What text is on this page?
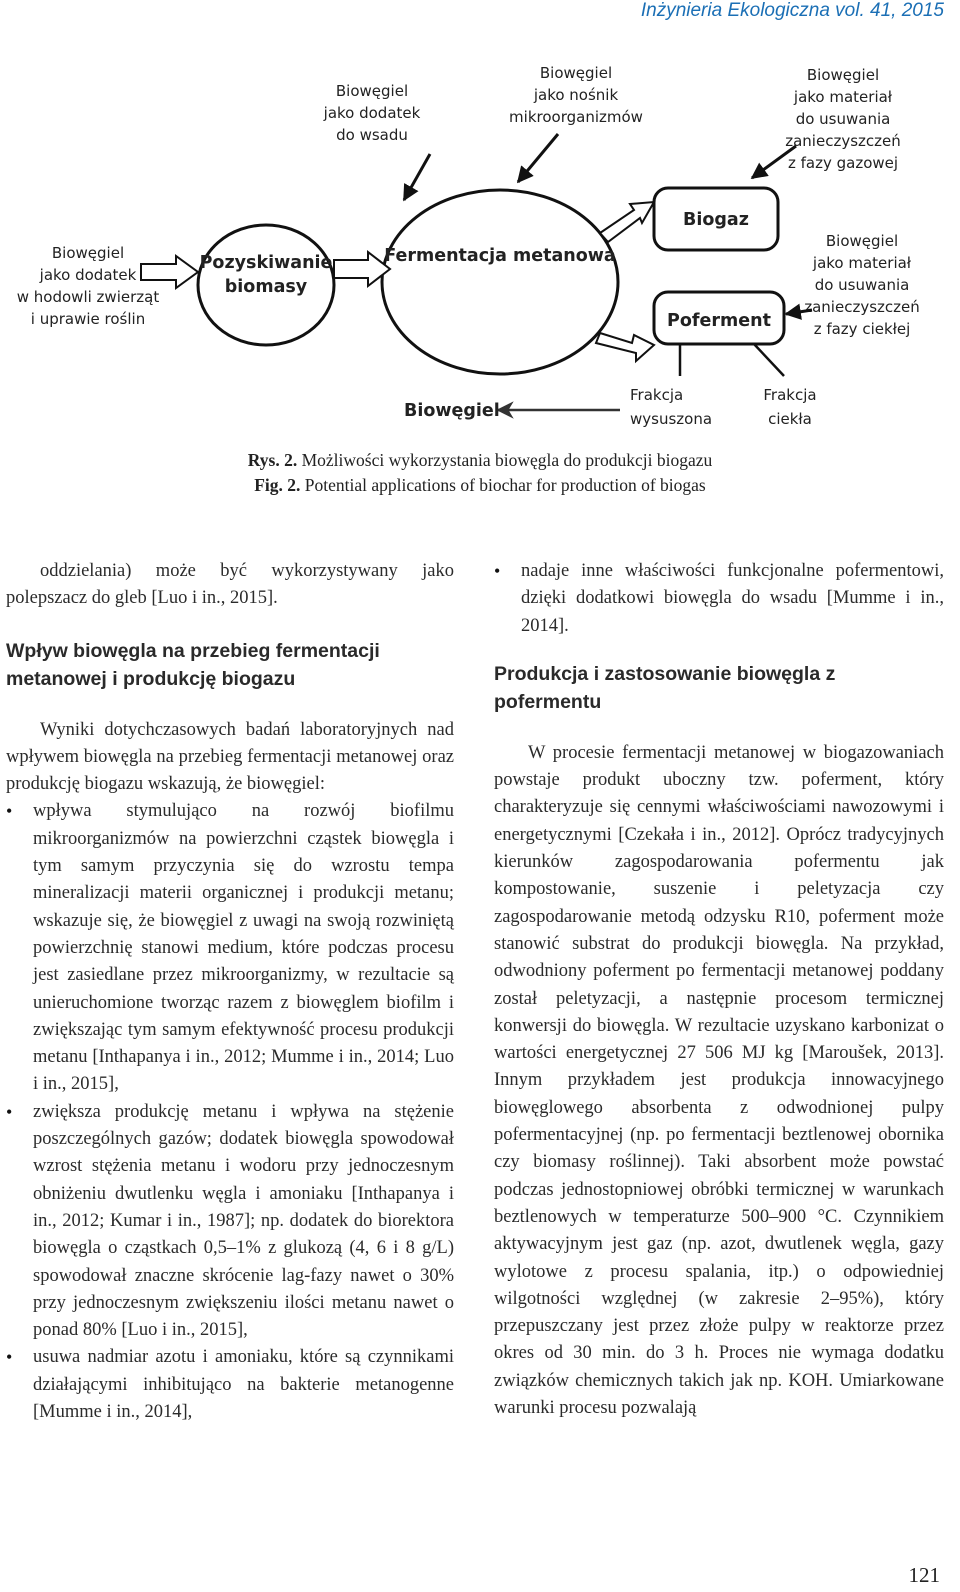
Inżynieria Ekologiczna vol. 41, 2015
Biowęgiel
jako dodatek
do wsadu
Biowęgiel
jako nośnik
mikroorganizmów
Biowęgiel
jako materiał
do usuwania
zanieczyszczeń
z fazy gazowej
Biowęgiel
jako dodatek
w hodowli zwierząt
i uprawie roślin
Biowęgiel
jako materiał
do usuwania
zanieczyszczeń
z fazy ciekłej
Pozyskiwanie
biomasy
Fermentacja metanowa
Biogaz
Poferment
Frakcja
wysuszona
Frakcja
ciekła
Biowęgiel
Rys. 2. Możliwości wykorzystania biowęgla do produkcji biogazu
Fig. 2. Potential applications of biochar for production of biogas

oddzielania) może być wykorzystywany jako polepszacz do gleb [Luo i in., 2015].

Wpływ biowęgla na przebieg fermentacji metanowej i produkcję biogazu

Wyniki dotychczasowych badań laboratoryjnych nad wpływem biowęgla na przebieg fermentacji metanowej oraz produkcję biogazu wskazują, że biowęgiel:

• wpływa stymulująco na rozwój biofilmu mikroorganizmów na powierzchni cząstek biowęgla i tym samym przyczynia się do wzrostu tempa mineralizacji materii organicznej i produkcji metanu; wskazuje się, że biowęgiel z uwagi na swoją rozwiniętą powierzchnię stanowi medium, które podczas procesu jest zasiedlane przez mikroorganizmy, w rezultacie są unieruchomione tworząc razem z biowęglem biofilm i zwiększając tym samym efektywność procesu produkcji metanu [Inthapanya i in., 2012; Mumme i in., 2014; Luo i in., 2015],

• zwiększa produkcję metanu i wpływa na stężenie poszczególnych gazów; dodatek biowęgla spowodował wzrost stężenia metanu i wodoru przy jednoczesnym obniżeniu dwutlenku węgla i amoniaku [Inthapanya i in., 2012; Kumar i in., 1987]; np. dodatek do biorektora biowęgla o cząstkach 0,5–1% z glukozą (4, 6 i 8 g/L) spowodował znaczne skrócenie lag-fazy nawet o 30% przy jednoczesnym zwiększeniu ilości metanu nawet o ponad 80% [Luo i in., 2015],

• usuwa nadmiar azotu i amoniaku, które są czynnikami działającymi inhibitująco na bakterie metanogenne [Mumme i in., 2014],

• nadaje inne właściwości funkcjonalne pofermentowi, dzięki dodatkowi biowęgla do wsadu [Mumme i in., 2014].

Produkcja i zastosowanie biowęgla z pofermentu

W procesie fermentacji metanowej w biogazowaniach powstaje produkt uboczny tzw. poferment, który charakteryzuje się cennymi właściwościami nawozowymi i energetycznymi [Czekała i in., 2012]. Oprócz tradycyjnych kierunków zagospodarowania pofermentu jak kompostowanie, suszenie i peletyzacja czy zagospodarowanie metodą odzysku R10, poferment może stanowić substrat do produkcji biowęgla. Na przykład, odwodniony poferment po fermentacji metanowej poddany został peletyzacji, a następnie procesom termicznej konwersji do biowęgla. W rezultacie uzyskano karbonizat o wartości energetycznej 27 506 MJ kg [Maroušek, 2013]. Innym przykładem jest produkcja innowacyjnego biowęglowego absorbenta z odwodnionej pulpy pofermentacyjnej (np. po fermentacji beztlenowej obornika czy biomasy roślinnej). Taki absorbent może powstać podczas jednostopniowej obróbki termicznej w warunkach beztlenowych w temperaturze 500–900 °C. Czynnikiem aktywacyjnym jest gaz (np. azot, dwutlenek węgla, gazy wylotowe z procesu spalania, itp.) o odpowiedniej wilgotności względnej (w zakresie 2–95%), który przepuszczany jest przez złoże pulpy w reaktorze przez okres od 30 min. do 3 h. Proces nie wymaga dodatku związków chemicznych takich jak np. KOH. Umiarkowane warunki procesu pozwalają

121
